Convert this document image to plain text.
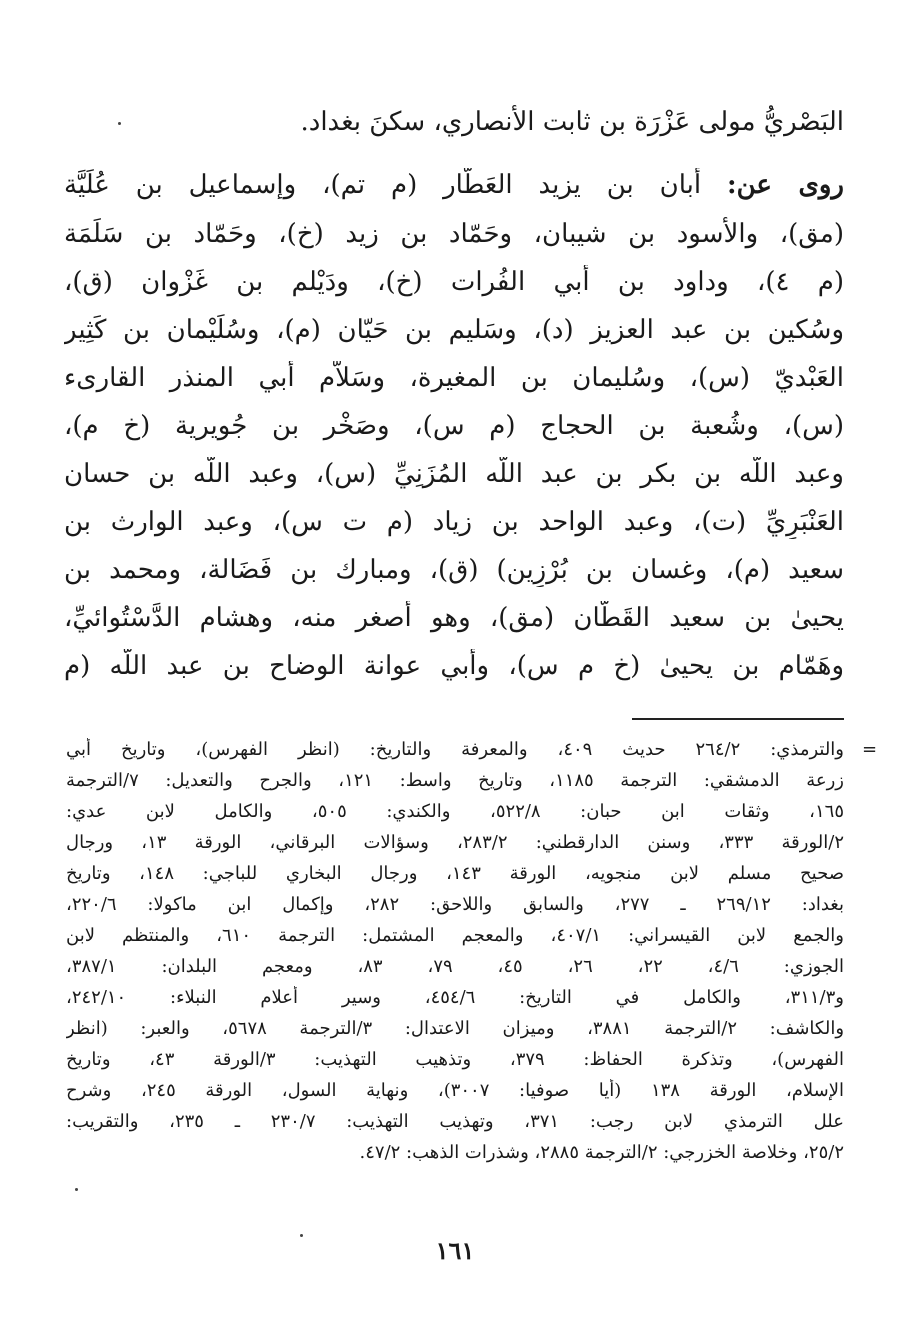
البَصْريُّ مولى عَزْرَة بن ثابت الأَنصاري، سكنَ بغداد.
روى عن: أبان بن يزيد العَطّار (م تم)، وإسماعيل بن عُلَيَّة
(مق)، والأَسود بن شيبان، وحَمّاد بن زيد (خ)، وحَمّاد بن سَلَمَة
(م ٤)، وداود بن أبي الفُرات (خ)، ودَيْلم بن غَزْوان (ق)،
وسُكين بن عبد العزيز (د)، وسَليم بن حَيّان (م)، وسُلَيْمان بن كَثِير
العَبْديّ (س)، وسُليمان بن المغيرة، وسَلاّم أبي المنذر القارىء
(س)، وشُعبة بن الحجاج (م س)، وصَخْر بن جُويرية (خ م)،
وعبد اللّه بن بكر بن عبد اللّه المُزَنِيِّ (س)، وعبد اللّه بن حسان
العَنْبَرِيِّ (ت)، وعبد الواحد بن زياد (م ت س)، وعبد الوارث بن
سعيد (م)، وغسان بن بُرْزِين) (ق)، ومبارك بن فَضَالة، ومحمد بن
يحيىٰ بن سعيد القَطّان (مق)، وهو أصغر منه، وهشام الدَّسْتُوائيِّ،
وهَمّام بن يحيىٰ (خ م س)، وأبي عوانة الوضاح بن عبد اللّه (م
=
والترمذي: ٢٦٤/٢ حديث ٤٠٩، والمعرفة والتاريخ: (انظر الفهرس)، وتاريخ أبي
زرعة الدمشقي: الترجمة ١١٨٥، وتاريخ واسط: ١٢١، والجرح والتعديل: ٧/الترجمة
١٦٥، وثقات ابن حبان: ٥٢٢/٨، والكندي: ٥٠٥، والكامل لابن عدي:
٢/الورقة ٣٣٣، وسنن الدارقطني: ٢٨٣/٢، وسؤالات البرقاني، الورقة ١٣، ورجال
صحيح مسلم لابن منجويه، الورقة ١٤٣، ورجال البخاري للباجي: ١٤٨، وتاريخ
بغداد: ٢٦٩/١٢ ـ ٢٧٧، والسابق واللاحق: ٢٨٢، وإكمال ابن ماكولا: ٢٢٠/٦،
والجمع لابن القيسراني: ٤٠٧/١، والمعجم المشتمل: الترجمة ٦١٠، والمنتظم لابن
الجوزي: ٤/٦، ٢٢، ٢٦، ٤٥، ٧٩، ٨٣، ومعجم البلدان: ٣٨٧/١،
و٣١١/٣، والكامل في التاريخ: ٤٥٤/٦، وسير أعلام النبلاء: ٢٤٢/١٠،
والكاشف: ٢/الترجمة ٣٨٨١، وميزان الاعتدال: ٣/الترجمة ٥٦٧٨، والعبر: (انظر
الفهرس)، وتذكرة الحفاظ: ٣٧٩، وتذهيب التهذيب: ٣/الورقة ٤٣، وتاريخ
الإسلام، الورقة ١٣٨ (أيا صوفيا: ٣٠٠٧)، ونهاية السول، الورقة ٢٤٥، وشرح
علل الترمذي لابن رجب: ٣٧١، وتهذيب التهذيب: ٢٣٠/٧ ـ ٢٣٥، والتقريب:
٢٥/٢، وخلاصة الخزرجي: ٢/الترجمة ٢٨٨٥، وشذرات الذهب: ٤٧/٢.
١٦١
